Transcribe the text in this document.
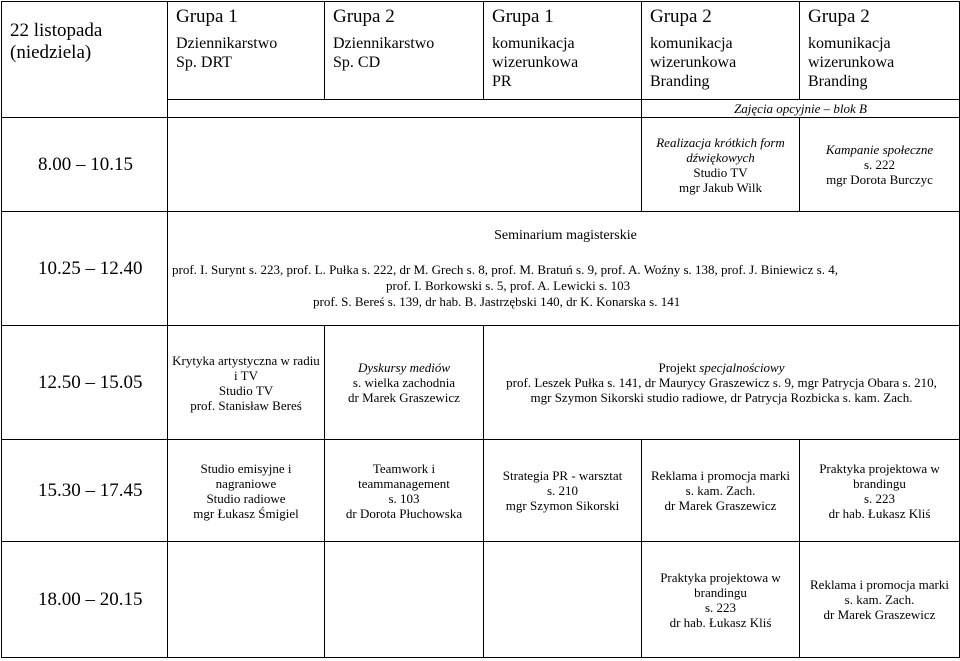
22 listopada
(niedziela)	Grupa 1
Dziennikarstwo
Sp. DRT	Grupa 2
Dziennikarstwo
Sp. CD	Grupa 1
komunikacja
wizerunkowa
PR	Grupa 2
komunikacja
wizerunkowa
Branding	Grupa 2
komunikacja
wizerunkowa
Branding

				Zajęcia opcyjnie – blok B	
8.00 – 10.15				Realizacja krótkich form dźwiękowych
Studio TV
mgr Jakub Wilk	Kampanie społeczne
s. 222
mgr Dorota Burczyc

10.25 – 12.40	Seminarium magisterskie
prof. I. Surynt s. 223, prof. L. Pułka s. 222, dr M. Grech s. 8, prof. M. Bratuń s. 9, prof. A. Woźny s. 138, prof. J. Biniewicz s. 4,
prof. I. Borkowski s. 5, prof. A. Lewicki s. 103
prof. S. Bereś s. 139, dr hab. B. Jastrzębski 140, dr K. Konarska s. 141				

12.50 – 15.05	Krytyka artystyczna w radiu
i TV
Studio TV
prof. Stanisław Bereś	Dyskursy mediów
s. wielka zachodnia
dr Marek Graszewicz	Projekt specjalnościowy
prof. Leszek Pułka s. 141, dr Maurycy Graszewicz s. 9, mgr Patrycja Obara s. 210,
mgr Szymon Sikorski studio radiowe, dr Patrycja Rozbicka s. kam. Zach.		

15.30 – 17.45	Studio emisyjne i
nagraniowe
Studio radiowe
mgr Łukasz Śmigiel	Teamwork i
teammanagement
s. 103
dr Dorota Płuchowska	Strategia PR - warsztat
s. 210
mgr Szymon Sikorski	Reklama i promocja marki
s. kam. Zach.
dr Marek Graszewicz	Praktyka projektowa w
brandingu
s. 223
dr hab. Łukasz Kliś

18.00 – 20.15				Praktyka projektowa w
brandingu
s. 223
dr hab. Łukasz Kliś	Reklama i promocja marki
s. kam. Zach.
dr Marek Graszewicz
